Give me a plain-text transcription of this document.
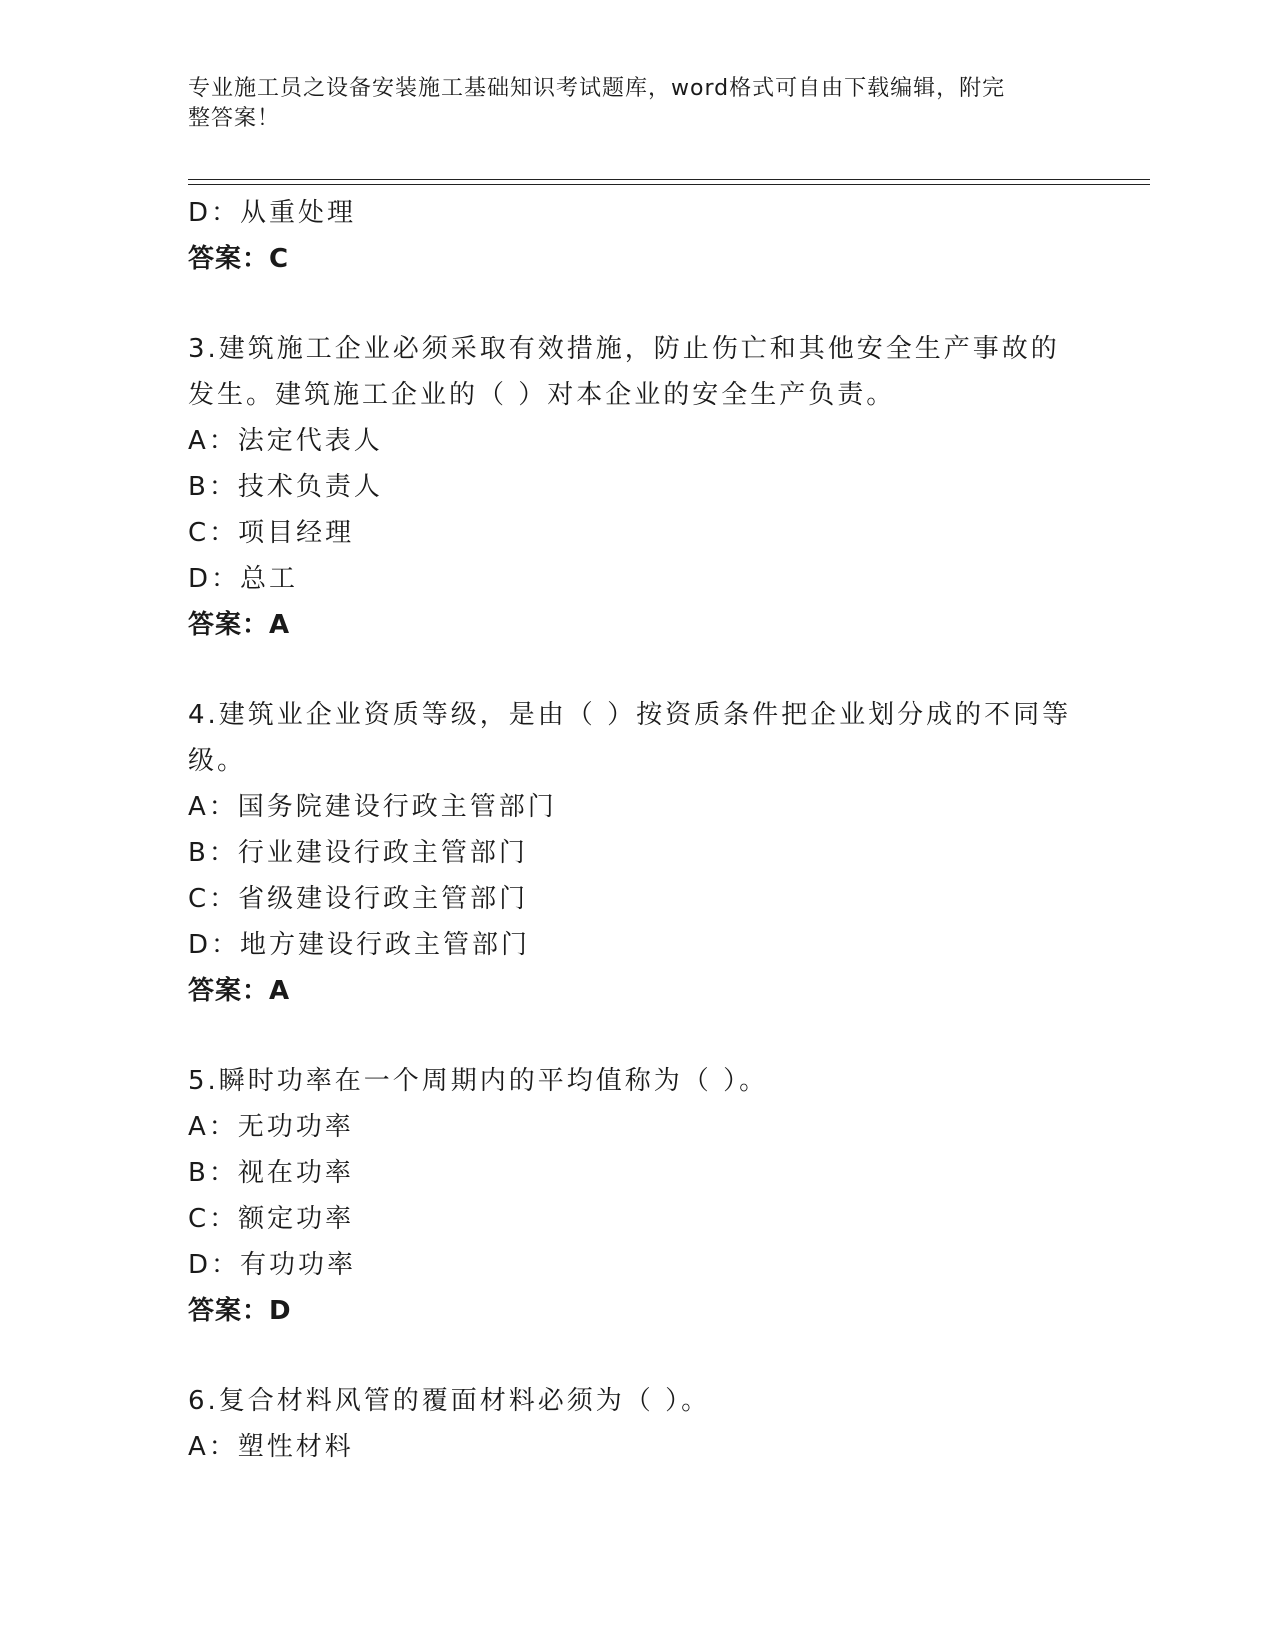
专业施工员之设备安装施工基础知识考试题库，word格式可自由下载编辑，附完
整答案！
D：从重处理
答案：C
3.建筑施工企业必须采取有效措施，防止伤亡和其他安全生产事故的
发生。建筑施工企业的（ ）对本企业的安全生产负责。
A：法定代表人
B：技术负责人
C：项目经理
D：总工
答案：A
4.建筑业企业资质等级，是由（ ）按资质条件把企业划分成的不同等
级。
A：国务院建设行政主管部门
B：行业建设行政主管部门
C：省级建设行政主管部门
D：地方建设行政主管部门
答案：A
5.瞬时功率在一个周期内的平均值称为（ ）。
A：无功功率
B：视在功率
C：额定功率
D：有功功率
答案：D
6.复合材料风管的覆面材料必须为（ ）。
A：塑性材料
